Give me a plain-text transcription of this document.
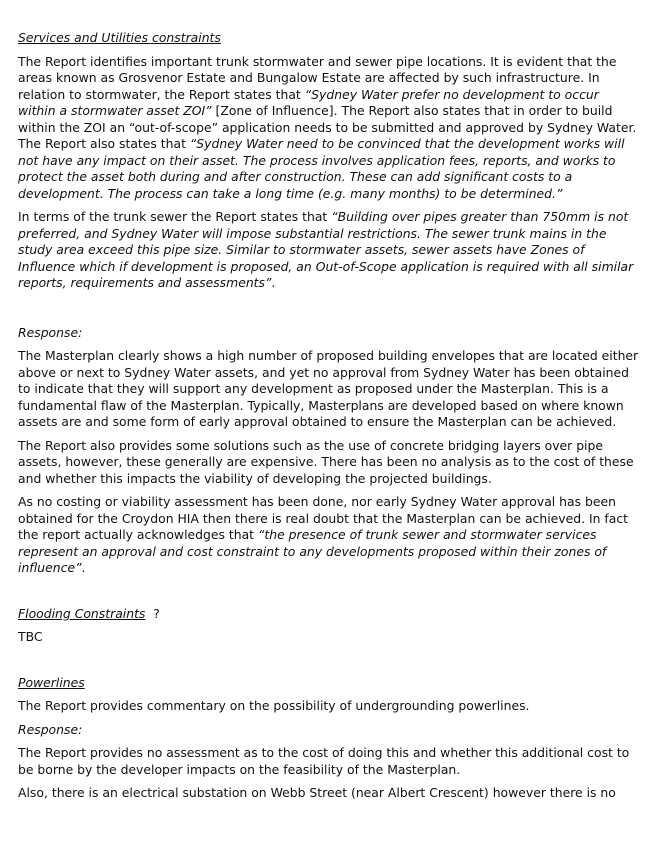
Services and Utilities constraints

The Report identifies important trunk stormwater and sewer pipe locations. It is evident that the areas known as Grosvenor Estate and Bungalow Estate are affected by such infrastructure. In relation to stormwater, the Report states that “Sydney Water prefer no development to occur within a stormwater asset ZOI” [Zone of Influence]. The Report also states that in order to build within the ZOI an “out-of-scope” application needs to be submitted and approved by Sydney Water. The Report also states that “Sydney Water need to be convinced that the development works will not have any impact on their asset. The process involves application fees, reports, and works to protect the asset both during and after construction. These can add significant costs to a development. The process can take a long time (e.g. many months) to be determined.”

In terms of the trunk sewer the Report states that “Building over pipes greater than 750mm is not preferred, and Sydney Water will impose substantial restrictions. The sewer trunk mains in the study area exceed this pipe size. Similar to stormwater assets, sewer assets have Zones of Influence which if development is proposed, an Out-of-Scope application is required with all similar reports, requirements and assessments”.

Response:

The Masterplan clearly shows a high number of proposed building envelopes that are located either above or next to Sydney Water assets, and yet no approval from Sydney Water has been obtained to indicate that they will support any development as proposed under the Masterplan. This is a fundamental flaw of the Masterplan. Typically, Masterplans are developed based on where known assets are and some form of early approval obtained to ensure the Masterplan can be achieved.

The Report also provides some solutions such as the use of concrete bridging layers over pipe assets, however, these generally are expensive. There has been no analysis as to the cost of these and whether this impacts the viability of developing the projected buildings.

As no costing or viability assessment has been done, nor early Sydney Water approval has been obtained for the Croydon HIA then there is real doubt that the Masterplan can be achieved. In fact the report actually acknowledges that “the presence of trunk sewer and stormwater services represent an approval and cost constraint to any developments proposed within their zones of influence”.

Flooding Constraints ?

TBC

Powerlines

The Report provides commentary on the possibility of undergrounding powerlines.

Response:

The Report provides no assessment as to the cost of doing this and whether this additional cost to be borne by the developer impacts on the feasibility of the Masterplan.

Also, there is an electrical substation on Webb Street (near Albert Crescent) however there is no
